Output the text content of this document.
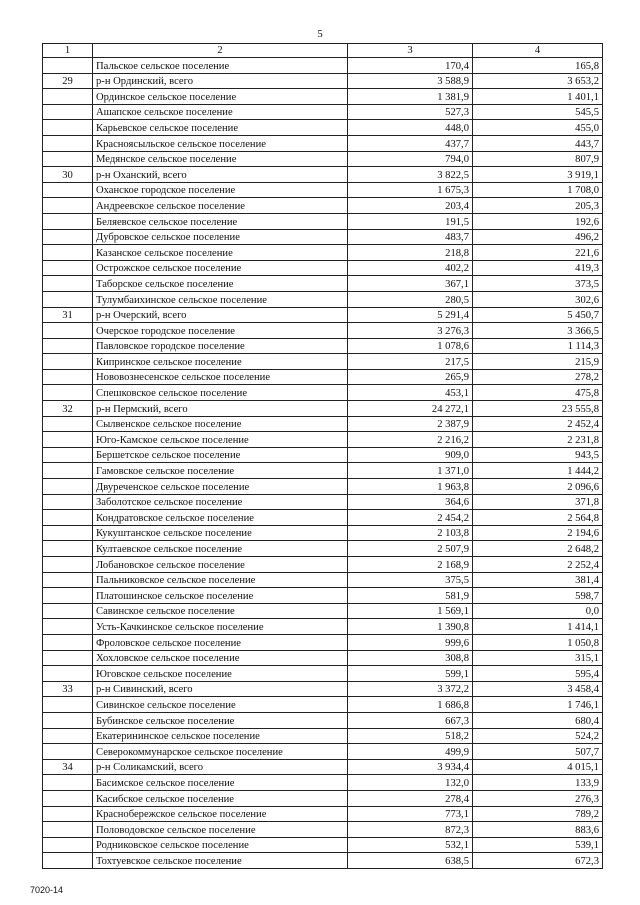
5
1	2	3	4
	Пальское сельское поселение	170,4	165,8
29	р-н Ординский, всего	3 588,9	3 653,2
	Ординское сельское поселение	1 381,9	1 401,1
	Ашапское сельское поселение	527,3	545,5
	Карьевское сельское поселение	448,0	455,0
	Красноясыльское сельское поселение	437,7	443,7
	Медянское сельское поселение	794,0	807,9
30	р-н Оханский, всего	3 822,5	3 919,1
	Оханское городское поселение	1 675,3	1 708,0
	Андреевское сельское поселение	203,4	205,3
	Беляевское сельское поселение	191,5	192,6
	Дубровское сельское поселение	483,7	496,2
	Казанское сельское поселение	218,8	221,6
	Острожское сельское поселение	402,2	419,3
	Таборское сельское поселение	367,1	373,5
	Тулумбаихинское сельское поселение	280,5	302,6
31	р-н Очерский, всего	5 291,4	5 450,7
	Очерское городское поселение	3 276,3	3 366,5
	Павловское городское поселение	1 078,6	1 114,3
	Кипринское сельское поселение	217,5	215,9
	Нововознесенское сельское поселение	265,9	278,2
	Спешковское сельское поселение	453,1	475,8
32	р-н Пермский, всего	24 272,1	23 555,8
	Сылвенское сельское поселение	2 387,9	2 452,4
	Юго-Камское сельское поселение	2 216,2	2 231,8
	Бершетское сельское поселение	909,0	943,5
	Гамовское сельское поселение	1 371,0	1 444,2
	Двуреченское сельское поселение	1 963,8	2 096,6
	Заболотское сельское поселение	364,6	371,8
	Кондратовское сельское поселение	2 454,2	2 564,8
	Кукуштанское сельское поселение	2 103,8	2 194,6
	Култаевское сельское поселение	2 507,9	2 648,2
	Лобановское сельское поселение	2 168,9	2 252,4
	Пальниковское сельское поселение	375,5	381,4
	Платошинское сельское поселение	581,9	598,7
	Савинское сельское поселение	1 569,1	0,0
	Усть-Качкинское сельское поселение	1 390,8	1 414,1
	Фроловское сельское поселение	999,6	1 050,8
	Хохловское сельское поселение	308,8	315,1
	Юговское сельское поселение	599,1	595,4
33	р-н Сивинский, всего	3 372,2	3 458,4
	Сивинское сельское поселение	1 686,8	1 746,1
	Бубинское сельское поселение	667,3	680,4
	Екатерининское сельское поселение	518,2	524,2
	Северокоммунарское сельское поселение	499,9	507,7
34	р-н Соликамский, всего	3 934,4	4 015,1
	Басимское сельское поселение	132,0	133,9
	Касибское сельское поселение	278,4	276,3
	Краснобережское сельское поселение	773,1	789,2
	Половодовское сельское поселение	872,3	883,6
	Родниковское сельское поселение	532,1	539,1
	Тохтуевское сельское поселение	638,5	672,3
7020-14
